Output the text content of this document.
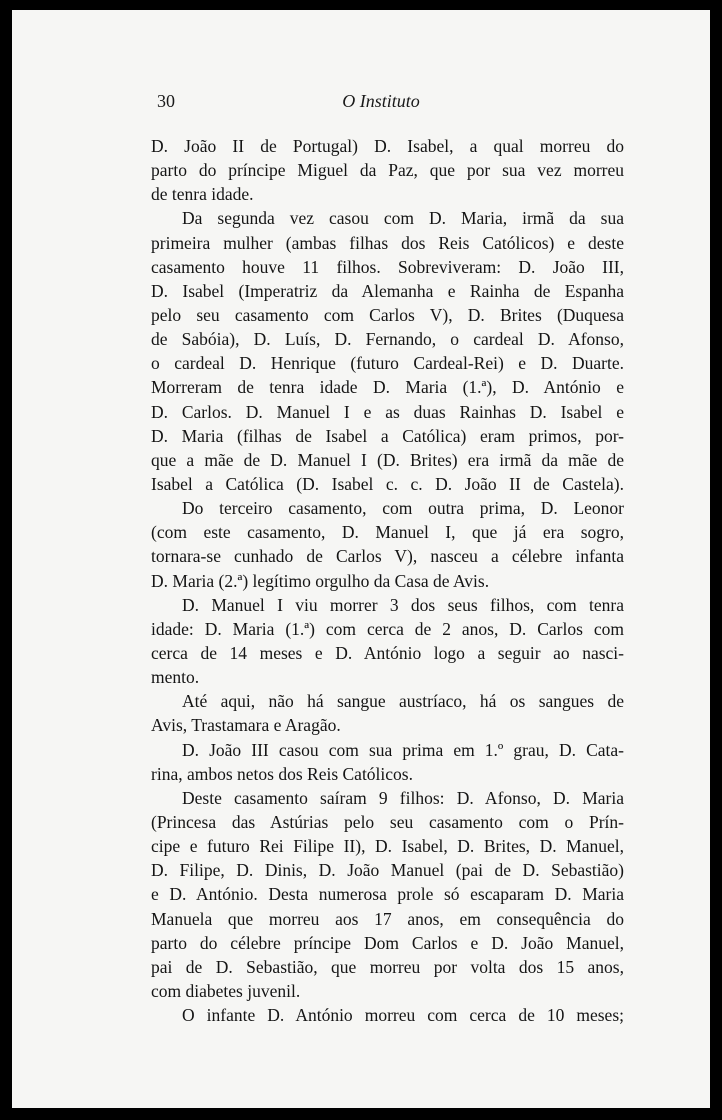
30	O Instituto
D. João II de Portugal) D. Isabel, a qual morreu do
parto do príncipe Miguel da Paz, que por sua vez morreu
de tenra idade.
Da segunda vez casou com D. Maria, irmã da sua
primeira mulher (ambas filhas dos Reis Católicos) e deste
casamento houve 11 filhos. Sobreviveram: D. João III,
D. Isabel (Imperatriz da Alemanha e Rainha de Espanha
pelo seu casamento com Carlos V), D. Brites (Duquesa
de Sabóia), D. Luís, D. Fernando, o cardeal D. Afonso,
o cardeal D. Henrique (futuro Cardeal-Rei) e D. Duarte.
Morreram de tenra idade D. Maria (1.ª), D. António e
D. Carlos. D. Manuel I e as duas Rainhas D. Isabel e
D. Maria (filhas de Isabel a Católica) eram primos, por-
que a mãe de D. Manuel I (D. Brites) era irmã da mãe de
Isabel a Católica (D. Isabel c. c. D. João II de Castela).
Do terceiro casamento, com outra prima, D. Leonor
(com este casamento, D. Manuel I, que já era sogro,
tornara-se cunhado de Carlos V), nasceu a célebre infanta
D. Maria (2.ª) legítimo orgulho da Casa de Avis.
D. Manuel I viu morrer 3 dos seus filhos, com tenra
idade: D. Maria (1.ª) com cerca de 2 anos, D. Carlos com
cerca de 14 meses e D. António logo a seguir ao nasci-
mento.
Até aqui, não há sangue austríaco, há os sangues de
Avis, Trastamara e Aragão.
D. João III casou com sua prima em 1.º grau, D. Cata-
rina, ambos netos dos Reis Católicos.
Deste casamento saíram 9 filhos: D. Afonso, D. Maria
(Princesa das Astúrias pelo seu casamento com o Prín-
cipe e futuro Rei Filipe II), D. Isabel, D. Brites, D. Manuel,
D. Filipe, D. Dinis, D. João Manuel (pai de D. Sebastião)
e D. António. Desta numerosa prole só escaparam D. Maria
Manuela que morreu aos 17 anos, em consequência do
parto do célebre príncipe Dom Carlos e D. João Manuel,
pai de D. Sebastião, que morreu por volta dos 15 anos,
com diabetes juvenil.
O infante D. António morreu com cerca de 10 meses;
